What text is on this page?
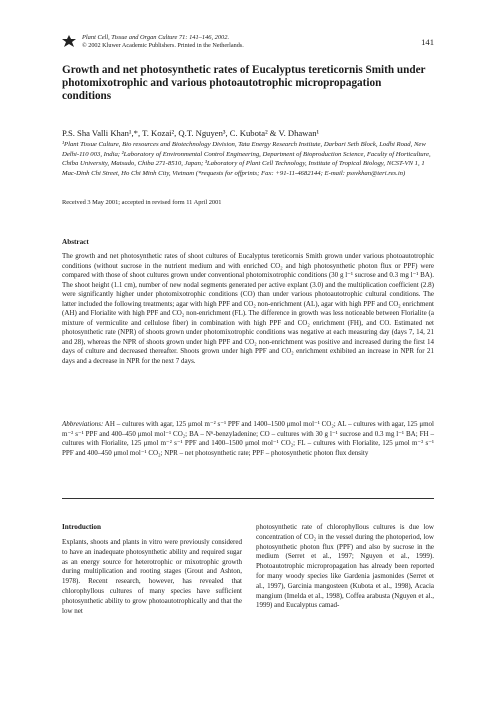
Plant Cell, Tissue and Organ Culture 71: 141–146, 2002.
© 2002 Kluwer Academic Publishers. Printed in the Netherlands.	141
Growth and net photosynthetic rates of Eucalyptus tereticornis Smith under photomixotrophic and various photoautotrophic micropropagation conditions
P.S. Sha Valli Khan¹,*, T. Kozai², Q.T. Nguyen³, C. Kubota² & V. Dhawan¹
¹Plant Tissue Culture, Bio resources and Biotechnology Division, Tata Energy Research Institute, Darbari Seth Block, Lodhi Road, New Delhi-110 003, India; ²Laboratory of Environmental Control Engineering, Department of Bioproduction Science, Faculty of Horticulture, Chiba University, Matsudo, Chiba 271-8510, Japan; ³Laboratory of Plant Cell Technology, Institute of Tropical Biology, NCST-VN 1, 1 Mac-Dinh Chi Street, Ho Chi Minh City, Vietnam (*requests for offprints; Fax: +91-11-4682144; E-mail: pssvkhan@teri.res.in)
Received 3 May 2001; accepted in revised form 11 April 2001
Abstract

The growth and net photosynthetic rates of shoot cultures of Eucalyptus tereticornis Smith grown under various photoautotrophic conditions (without sucrose in the nutrient medium and with enriched CO₂ and high photosynthetic photon flux or PPF) were compared with those of shoot cultures grown under conventional photomixotrophic conditions (30 g l⁻¹ sucrose and 0.3 mg l⁻¹ BA). The shoot height (1.1 cm), number of new nodal segments generated per active explant (3.0) and the multiplication coefficient (2.8) were significantly higher under photomixotrophic conditions (CO) than under various photoautotrophic cultural conditions. The latter included the following treatments; agar with high PPF and CO₂ non-enrichment (AL), agar with high PPF and CO₂ enrichment (AH) and Florialite with high PPF and CO₂ non-enrichment (FL). The difference in growth was less noticeable between Florialite (a mixture of vermiculite and cellulose fiber) in combination with high PPF and CO₂ enrichment (FH), and CO. Estimated net photosynthetic rate (NPR) of shoots grown under photomixotrophic conditions was negative at each measuring day (days 7, 14, 21 and 28), whereas the NPR of shoots grown under high PPF and CO₂ non-enrichment was positive and increased during the first 14 days of culture and decreased thereafter. Shoots grown under high PPF and CO₂ enrichment exhibited an increase in NPR for 21 days and a decrease in NPR for the next 7 days.

Abbreviations: AH – cultures with agar, 125 μmol m⁻² s⁻¹ PPF and 1400–1500 μmol mol⁻¹ CO₂; AL – cultures with agar, 125 μmol m⁻² s⁻¹ PPF and 400–450 μmol mol⁻¹ CO₂; BA – N⁶-benzyladenine; CO – cultures with 30 g l⁻¹ sucrose and 0.3 mg l⁻¹ BA; FH – cultures with Florialite, 125 μmol m⁻² s⁻¹ PPF and 1400–1500 μmol mol⁻¹ CO₂; FL – cultures with Florialite, 125 μmol m⁻² s⁻¹ PPF and 400–450 μmol mol⁻¹ CO₂; NPR – net photosynthetic rate; PPF – photosynthetic photon flux density

Introduction

Explants, shoots and plants in vitro were previously considered to have an inadequate photosynthetic ability and required sugar as an energy source for heterotrophic or mixotrophic growth during multiplication and rooting stages (Grout and Ashton, 1978). Recent research, however, has revealed that chlorophyllous cultures of many species have sufficient photosynthetic ability to grow photoautotrophically and that the low net

photosynthetic rate of chlorophyllous cultures is due low concentration of CO₂ in the vessel during the photoperiod, low photosynthetic photon flux (PPF) and also by sucrose in the medium (Serret et al., 1997; Nguyen et al., 1999). Photoautotrophic micropropagation has already been reported for many woody species like Gardenia jasmonides (Serret et al., 1997), Garcinia mangosteen (Kubota et al., 1998), Acacia mangium (Imelda et al., 1998), Coffea arabusta (Nguyen et al., 1999) and Eucalyptus camad-
